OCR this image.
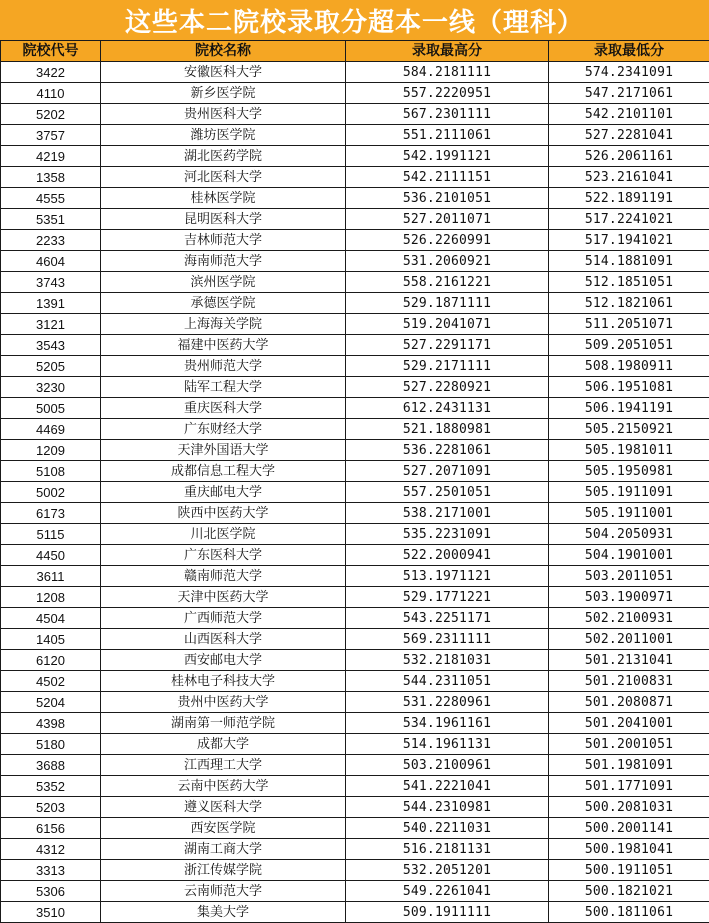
这些本二院校录取分超本一线（理科）
院校代号	院校名称	录取最高分	录取最低分
3422	安徽医科大学	584.2181111	574.2341091
4110	新乡医学院	557.2220951	547.2171061
5202	贵州医科大学	567.2301111	542.2101101
3757	潍坊医学院	551.2111061	527.2281041
4219	湖北医药学院	542.1991121	526.2061161
1358	河北医科大学	542.2111151	523.2161041
4555	桂林医学院	536.2101051	522.1891191
5351	昆明医科大学	527.2011071	517.2241021
2233	吉林师范大学	526.2260991	517.1941021
4604	海南师范大学	531.2060921	514.1881091
3743	滨州医学院	558.2161221	512.1851051
1391	承德医学院	529.1871111	512.1821061
3121	上海海关学院	519.2041071	511.2051071
3543	福建中医药大学	527.2291171	509.2051051
5205	贵州师范大学	529.2171111	508.1980911
3230	陆军工程大学	527.2280921	506.1951081
5005	重庆医科大学	612.2431131	506.1941191
4469	广东财经大学	521.1880981	505.2150921
1209	天津外国语大学	536.2281061	505.1981011
5108	成都信息工程大学	527.2071091	505.1950981
5002	重庆邮电大学	557.2501051	505.1911091
6173	陕西中医药大学	538.2171001	505.1911001
5115	川北医学院	535.2231091	504.2050931
4450	广东医科大学	522.2000941	504.1901001
3611	赣南师范大学	513.1971121	503.2011051
1208	天津中医药大学	529.1771221	503.1900971
4504	广西师范大学	543.2251171	502.2100931
1405	山西医科大学	569.2311111	502.2011001
6120	西安邮电大学	532.2181031	501.2131041
4502	桂林电子科技大学	544.2311051	501.2100831
5204	贵州中医药大学	531.2280961	501.2080871
4398	湖南第一师范学院	534.1961161	501.2041001
5180	成都大学	514.1961131	501.2001051
3688	江西理工大学	503.2100961	501.1981091
5352	云南中医药大学	541.2221041	501.1771091
5203	遵义医科大学	544.2310981	500.2081031
6156	西安医学院	540.2211031	500.2001141
4312	湖南工商大学	516.2181131	500.1981041
3313	浙江传媒学院	532.2051201	500.1911051
5306	云南师范大学	549.2261041	500.1821021
3510	集美大学	509.1911111	500.1811061
